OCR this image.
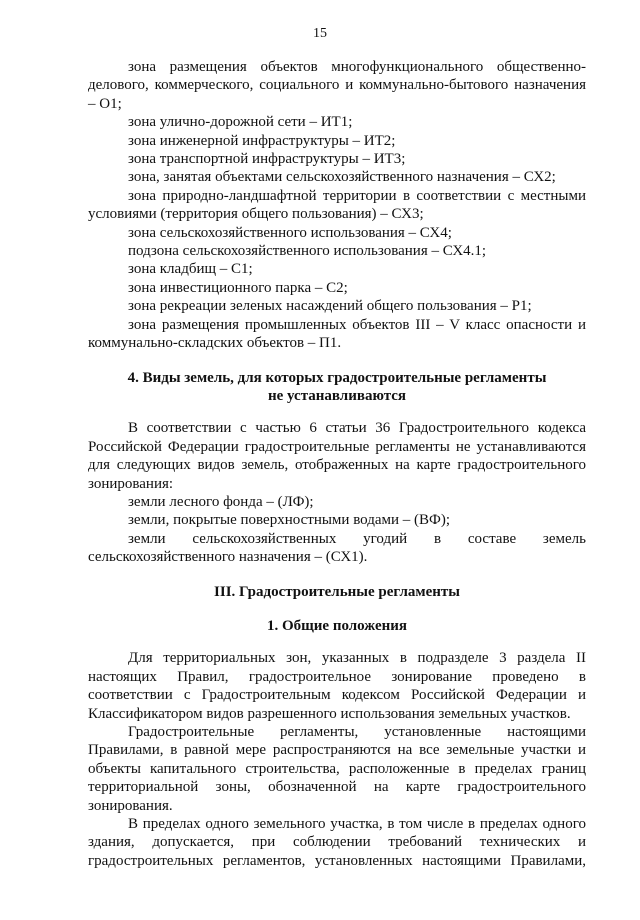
15

зона размещения объектов многофункционального общественно-делового, коммерческого, социального и коммунально-бытового назначения – О1;

зона улично-дорожной сети – ИТ1;

зона инженерной инфраструктуры – ИТ2;

зона транспортной инфраструктуры – ИТ3;

зона, занятая объектами сельскохозяйственного назначения – СХ2;

зона природно-ландшафтной территории в соответствии с местными условиями (территория общего пользования) – СХ3;

зона сельскохозяйственного использования – СХ4;

подзона сельскохозяйственного использования – СХ4.1;

зона кладбищ – С1;

зона инвестиционного парка – С2;

зона рекреации зеленых насаждений общего пользования – Р1;

зона размещения промышленных объектов III – V класс опасности и коммунально-складских объектов – П1.

4. Виды земель, для которых градостроительные регламенты

не устанавливаются

В соответствии с частью 6 статьи 36 Градостроительного кодекса Российской Федерации градостроительные регламенты не устанавливаются для следующих видов земель, отображенных на карте градостроительного зонирования:

земли лесного фонда – (ЛФ);

земли, покрытые поверхностными водами – (ВФ);

земли сельскохозяйственных угодий в составе земель сельскохозяйственного назначения – (СХ1).

III. Градостроительные регламенты

1. Общие положения

Для территориальных зон, указанных в подразделе 3 раздела II настоящих Правил, градостроительное зонирование проведено в соответствии с Градостроительным кодексом Российской Федерации и Классификатором видов разрешенного использования земельных участков.

Градостроительные регламенты, установленные настоящими Правилами, в равной мере распространяются на все земельные участки и объекты капитального строительства, расположенные в пределах границ территориальной зоны, обозначенной на карте градостроительного зонирования.

В пределах одного земельного участка, в том числе в пределах одного здания, допускается, при соблюдении требований технических и градостроительных регламентов, установленных настоящими Правилами,
